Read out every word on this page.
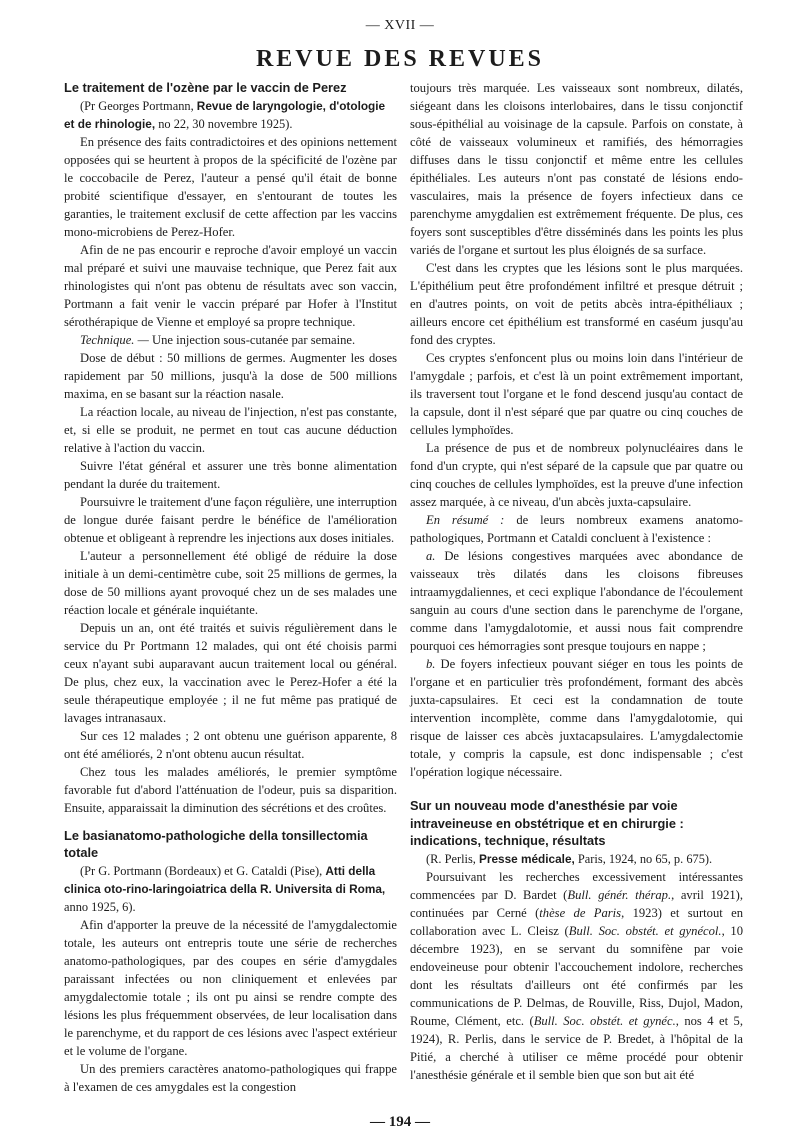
— XVII —
REVUE DES REVUES

Le traitement de l'ozène par le vaccin de Perez

(Pr Georges Portmann, Revue de laryngologie, d'otologie et de rhinologie, no 22, 30 novembre 1925).

En présence des faits contradictoires et des opinions nettement opposées qui se heurtent à propos de la spécificité de l'ozène par le coccobacile de Perez, l'auteur a pensé qu'il était de bonne probité scientifique d'essayer, en s'entourant de toutes les garanties, le traitement exclusif de cette affection par les vaccins mono-microbiens de Perez-Hofer.

Afin de ne pas encourir e reproche d'avoir employé un vaccin mal préparé et suivi une mauvaise technique, que Perez fait aux rhinologistes qui n'ont pas obtenu de résultats avec son vaccin, Portmann a fait venir le vaccin préparé par Hofer à l'Institut sérothérapique de Vienne et employé sa propre technique.

Technique. — Une injection sous-cutanée par semaine.

Dose de début : 50 millions de germes. Augmenter les doses rapidement par 50 millions, jusqu'à la dose de 500 millions maxima, en se basant sur la réaction nasale.

La réaction locale, au niveau de l'injection, n'est pas constante, et, si elle se produit, ne permet en tout cas aucune déduction relative à l'action du vaccin.

Suivre l'état général et assurer une très bonne alimentation pendant la durée du traitement.

Poursuivre le traitement d'une façon régulière, une interruption de longue durée faisant perdre le bénéfice de l'amélioration obtenue et obligeant à reprendre les injections aux doses initiales.

L'auteur a personnellement été obligé de réduire la dose initiale à un demi-centimètre cube, soit 25 millions de germes, la dose de 50 millions ayant provoqué chez un de ses malades une réaction locale et générale inquiétante.

Depuis un an, ont été traités et suivis régulièrement dans le service du Pr Portmann 12 malades, qui ont été choisis parmi ceux n'ayant subi auparavant aucun traitement local ou général. De plus, chez eux, la vaccination avec le Perez-Hofer a été la seule thérapeutique employée ; il ne fut même pas pratiqué de lavages intranasaux.

Sur ces 12 malades ; 2 ont obtenu une guérison apparente, 8 ont été améliorés, 2 n'ont obtenu aucun résultat.

Chez tous les malades améliorés, le premier symptôme favorable fut d'abord l'atténuation de l'odeur, puis sa disparition. Ensuite, apparaissait la diminution des sécrétions et des croûtes.

Le basianatomo-pathologiche della tonsillectomia totale

(Pr G. Portmann (Bordeaux) et G. Cataldi (Pise), Atti della clinica oto-rino-laringoiatrica della R. Universita di Roma, anno 1925, 6).

Afin d'apporter la preuve de la nécessité de l'amygdalectomie totale, les auteurs ont entrepris toute une série de recherches anatomo-pathologiques, par des coupes en série d'amygdales paraissant infectées ou non cliniquement et enlevées par amygdalectomie totale ; ils ont pu ainsi se rendre compte des lésions les plus fréquemment observées, de leur localisation dans le parenchyme, et du rapport de ces lésions avec l'aspect extérieur et le volume de l'organe.

Un des premiers caractères anatomo-pathologiques qui frappe à l'examen de ces amygdales est la congestion

toujours très marquée. Les vaisseaux sont nombreux, dilatés, siégeant dans les cloisons interlobaires, dans le tissu conjonctif sous-épithélial au voisinage de la capsule. Parfois on constate, à côté de vaisseaux volumineux et ramifiés, des hémorragies diffuses dans le tissu conjonctif et même entre les cellules épithéliales. Les auteurs n'ont pas constaté de lésions endo-vasculaires, mais la présence de foyers infectieux dans ce parenchyme amygdalien est extrêmement fréquente. De plus, ces foyers sont susceptibles d'être disséminés dans les points les plus variés de l'organe et surtout les plus éloignés de sa surface.

C'est dans les cryptes que les lésions sont le plus marquées. L'épithélium peut être profondément infiltré et presque détruit ; en d'autres points, on voit de petits abcès intra-épithéliaux ; ailleurs encore cet épithélium est transformé en caséum jusqu'au fond des cryptes.

Ces cryptes s'enfoncent plus ou moins loin dans l'intérieur de l'amygdale ; parfois, et c'est là un point extrêmement important, ils traversent tout l'organe et le fond descend jusqu'au contact de la capsule, dont il n'est séparé que par quatre ou cinq couches de cellules lymphoïdes.

La présence de pus et de nombreux polynucléaires dans le fond d'un crypte, qui n'est séparé de la capsule que par quatre ou cinq couches de cellules lymphoïdes, est la preuve d'une infection assez marquée, à ce niveau, d'un abcès juxta-capsulaire.

En résumé : de leurs nombreux examens anatomo-pathologiques, Portmann et Cataldi concluent à l'existence :

a. De lésions congestives marquées avec abondance de vaisseaux très dilatés dans les cloisons fibreuses intraamygdaliennes, et ceci explique l'abondance de l'écoulement sanguin au cours d'une section dans le parenchyme de l'organe, comme dans l'amygdalotomie, et aussi nous fait comprendre pourquoi ces hémorragies sont presque toujours en nappe ;

b. De foyers infectieux pouvant siéger en tous les points de l'organe et en particulier très profondément, formant des abcès juxta-capsulaires. Et ceci est la condamnation de toute intervention incomplète, comme dans l'amygdalotomie, qui risque de laisser ces abcès juxtacapsulaires. L'amygdalectomie totale, y compris la capsule, est donc indispensable ; c'est l'opération logique nécessaire.

Sur un nouveau mode d'anesthésie par voie intraveineuse en obstétrique et en chirurgie : indications, technique, résultats

(R. Perlis, Presse médicale, Paris, 1924, no 65, p. 675).

Poursuivant les recherches excessivement intéressantes commencées par D. Bardet (Bull. génér. thérap., avril 1921), continuées par Cerné (thèse de Paris, 1923) et surtout en collaboration avec L. Cleisz (Bull. Soc. obstét. et gynécol., 10 décembre 1923), en se servant du somnifène par voie endoveineuse pour obtenir l'accouchement indolore, recherches dont les résultats d'ailleurs ont été confirmés par les communications de P. Delmas, de Rouville, Riss, Dujol, Madon, Roume, Clément, etc. (Bull. Soc. obstét. et gynéc., nos 4 et 5, 1924), R. Perlis, dans le service de P. Bredet, à l'hôpital de la Pitié, a cherché à utiliser ce même procédé pour obtenir l'anesthésie générale et il semble bien que son but ait été

— 194 —
